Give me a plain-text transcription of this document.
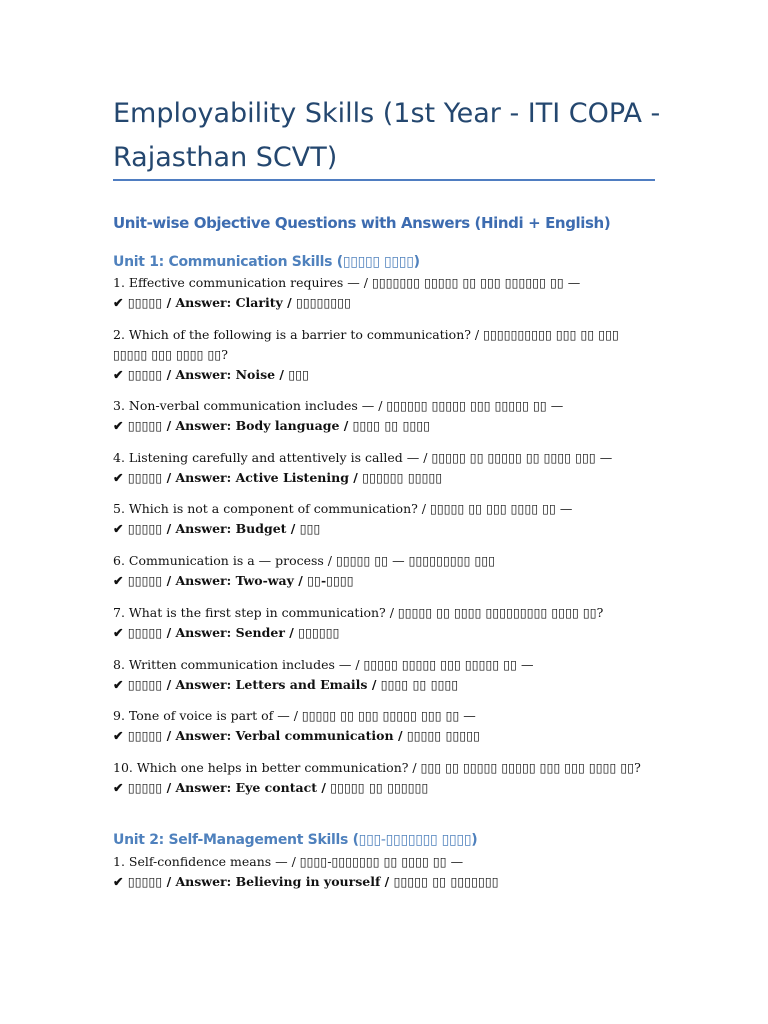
Employability Skills (1st Year - ITI COPA - Rajasthan SCVT)
Unit-wise Objective Questions with Answers (Hindi + English)
Unit 1: Communication Skills (▯▯▯▯▯ ▯▯▯▯)
1. Effective communication requires — / ▯▯▯▯▯▯▯ ▯▯▯▯▯ ▯▯ ▯▯▯ ▯▯▯▯▯▯ ▯▯ —
✔ ▯▯▯▯▯ / Answer: Clarity / ▯▯▯▯▯▯▯▯
2. Which of the following is a barrier to communication? / ▯▯▯▯▯▯▯▯▯▯ ▯▯▯ ▯▯ ▯▯▯ ▯▯▯▯▯ ▯▯▯ ▯▯▯▯ ▯▯?
✔ ▯▯▯▯▯ / Answer: Noise / ▯▯▯
3. Non-verbal communication includes — / ▯▯▯▯▯▯ ▯▯▯▯▯ ▯▯▯ ▯▯▯▯▯ ▯▯ —
✔ ▯▯▯▯▯ / Answer: Body language / ▯▯▯▯ ▯▯ ▯▯▯▯
4. Listening carefully and attentively is called — / ▯▯▯▯▯ ▯▯ ▯▯▯▯▯ ▯▯ ▯▯▯▯ ▯▯▯ —
✔ ▯▯▯▯▯ / Answer: Active Listening / ▯▯▯▯▯▯ ▯▯▯▯▯
5. Which is not a component of communication? / ▯▯▯▯▯ ▯▯ ▯▯▯ ▯▯▯▯ ▯▯ —
✔ ▯▯▯▯▯ / Answer: Budget / ▯▯▯
6. Communication is a — process / ▯▯▯▯▯ ▯▯ — ▯▯▯▯▯▯▯▯▯ ▯▯▯
✔ ▯▯▯▯▯ / Answer: Two-way / ▯▯-▯▯▯▯
7. What is the first step in communication? / ▯▯▯▯▯ ▯▯ ▯▯▯▯ ▯▯▯▯▯▯▯▯▯ ▯▯▯▯ ▯▯?
✔ ▯▯▯▯▯ / Answer: Sender / ▯▯▯▯▯▯
8. Written communication includes — / ▯▯▯▯▯ ▯▯▯▯▯ ▯▯▯ ▯▯▯▯▯ ▯▯ —
✔ ▯▯▯▯▯ / Answer: Letters and Emails / ▯▯▯▯ ▯▯ ▯▯▯▯
9. Tone of voice is part of — / ▯▯▯▯▯ ▯▯ ▯▯▯ ▯▯▯▯▯ ▯▯▯ ▯▯ —
✔ ▯▯▯▯▯ / Answer: Verbal communication / ▯▯▯▯▯ ▯▯▯▯▯
10. Which one helps in better communication? / ▯▯▯ ▯▯ ▯▯▯▯▯ ▯▯▯▯▯ ▯▯▯ ▯▯▯ ▯▯▯▯ ▯▯?
✔ ▯▯▯▯▯ / Answer: Eye contact / ▯▯▯▯▯ ▯▯ ▯▯▯▯▯▯
Unit 2: Self-Management Skills (▯▯▯-▯▯▯▯▯▯▯ ▯▯▯▯)
1. Self-confidence means — / ▯▯▯▯-▯▯▯▯▯▯▯ ▯▯ ▯▯▯▯ ▯▯ —
✔ ▯▯▯▯▯ / Answer: Believing in yourself / ▯▯▯▯▯ ▯▯ ▯▯▯▯▯▯▯
